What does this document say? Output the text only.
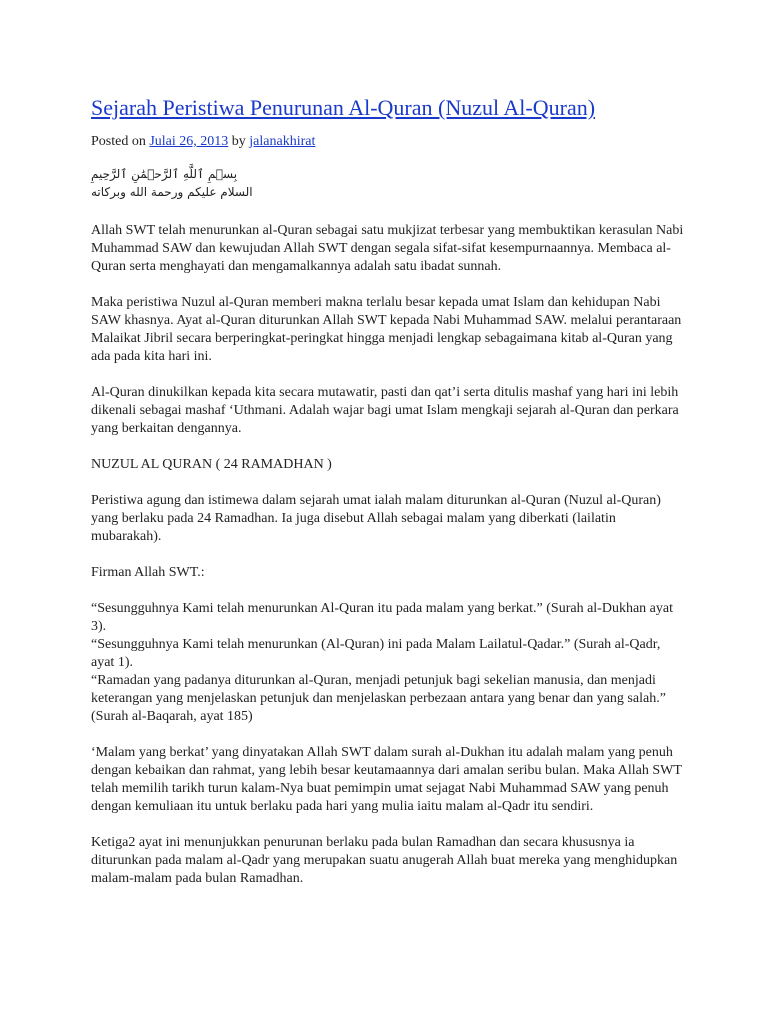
Sejarah Peristiwa Penurunan Al-Quran (Nuzul Al-Quran)
Posted on Julai 26, 2013 by jalanakhirat
بِسۡمِ ٱللَّهِ ٱلرَّحۡمَٰنِ ٱلرَّحِيمِ
السلام عليكم ورحمة الله وبركاته

Allah SWT telah menurunkan al-Quran sebagai satu mukjizat terbesar yang membuktikan kerasulan Nabi Muhammad SAW dan kewujudan Allah SWT dengan segala sifat-sifat kesempurnaannya. Membaca al-Quran serta menghayati dan mengamalkannya adalah satu ibadat sunnah.

Maka peristiwa Nuzul al-Quran memberi makna terlalu besar kepada umat Islam dan kehidupan Nabi SAW khasnya. Ayat al-Quran diturunkan Allah SWT kepada Nabi Muhammad SAW. melalui perantaraan Malaikat Jibril secara berperingkat-peringkat hingga menjadi lengkap sebagaimana kitab al-Quran yang ada pada kita hari ini.

Al-Quran dinukilkan kepada kita secara mutawatir, pasti dan qat’i serta ditulis mashaf yang hari ini lebih dikenali sebagai mashaf ‘Uthmani. Adalah wajar bagi umat Islam mengkaji sejarah al-Quran dan perkara yang berkaitan dengannya.

NUZUL AL QURAN ( 24 RAMADHAN )

Peristiwa agung dan istimewa dalam sejarah umat ialah malam diturunkan al-Quran (Nuzul al-Quran) yang berlaku pada 24 Ramadhan. Ia juga disebut Allah sebagai malam yang diberkati (lailatin mubarakah).

Firman Allah SWT.:

“Sesungguhnya Kami telah menurunkan Al-Quran itu pada malam yang berkat.” (Surah al-Dukhan ayat 3).

“Sesungguhnya Kami telah menurunkan (Al-Quran) ini pada Malam Lailatul-Qadar.” (Surah al-Qadr, ayat 1).

“Ramadan yang padanya diturunkan al-Quran, menjadi petunjuk bagi sekelian manusia, dan menjadi keterangan yang menjelaskan petunjuk dan menjelaskan perbezaan antara yang benar dan yang salah.” (Surah al-Baqarah, ayat 185)

‘Malam yang berkat’ yang dinyatakan Allah SWT dalam surah al-Dukhan itu adalah malam yang penuh dengan kebaikan dan rahmat, yang lebih besar keutamaannya dari amalan seribu bulan. Maka Allah SWT telah memilih tarikh turun kalam-Nya buat pemimpin umat sejagat Nabi Muhammad SAW yang penuh dengan kemuliaan itu untuk berlaku pada hari yang mulia iaitu malam al-Qadr itu sendiri.

Ketiga2 ayat ini menunjukkan penurunan berlaku pada bulan Ramadhan dan secara khususnya ia diturunkan pada malam al-Qadr yang merupakan suatu anugerah Allah buat mereka yang menghidupkan malam-malam pada bulan Ramadhan.
